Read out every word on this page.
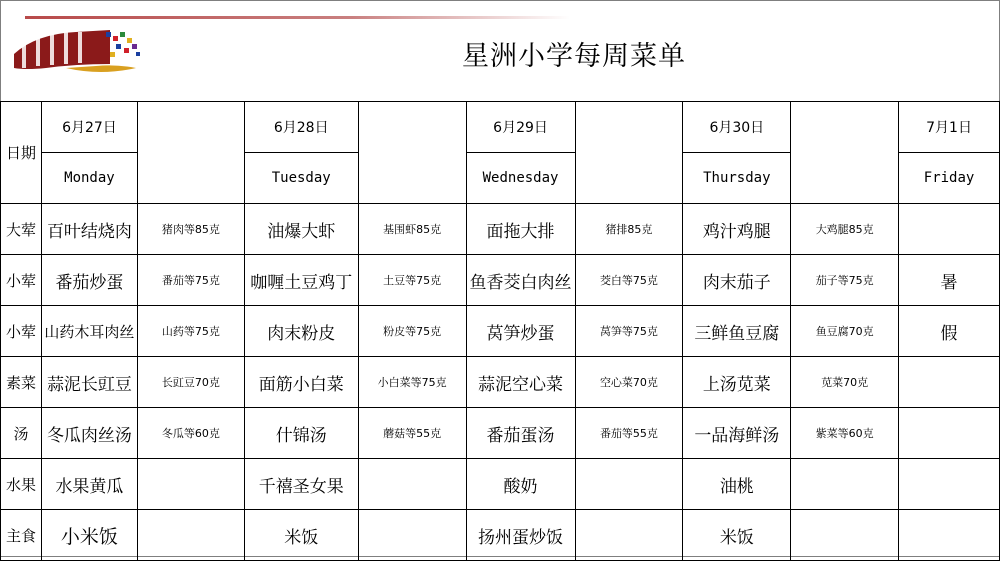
星洲小学每周菜单
日期	6月27日		6月28日		6月29日		6月30日		7月1日
	Monday		Tuesday		Wednesday		Thursday		Friday
大荤	百叶结烧肉	猪肉等85克	油爆大虾	基围虾85克	面拖大排	猪排85克	鸡汁鸡腿	大鸡腿85克	
小荤	番茄炒蛋	番茄等75克	咖喱土豆鸡丁	土豆等75克	鱼香茭白肉丝	茭白等75克	肉末茄子	茄子等75克	暑
小荤	山药木耳肉丝	山药等75克	肉末粉皮	粉皮等75克	莴笋炒蛋	莴笋等75克	三鲜鱼豆腐	鱼豆腐70克	假
素菜	蒜泥长豇豆	长豇豆70克	面筋小白菜	小白菜等75克	蒜泥空心菜	空心菜70克	上汤苋菜	苋菜70克	
汤	冬瓜肉丝汤	冬瓜等60克	什锦汤	蘑菇等55克	番茄蛋汤	番茄等55克	一品海鲜汤	紫菜等60克	
水果	水果黄瓜		千禧圣女果		酸奶		油桃		
主食	小米饭		米饭		扬州蛋炒饭		米饭		
